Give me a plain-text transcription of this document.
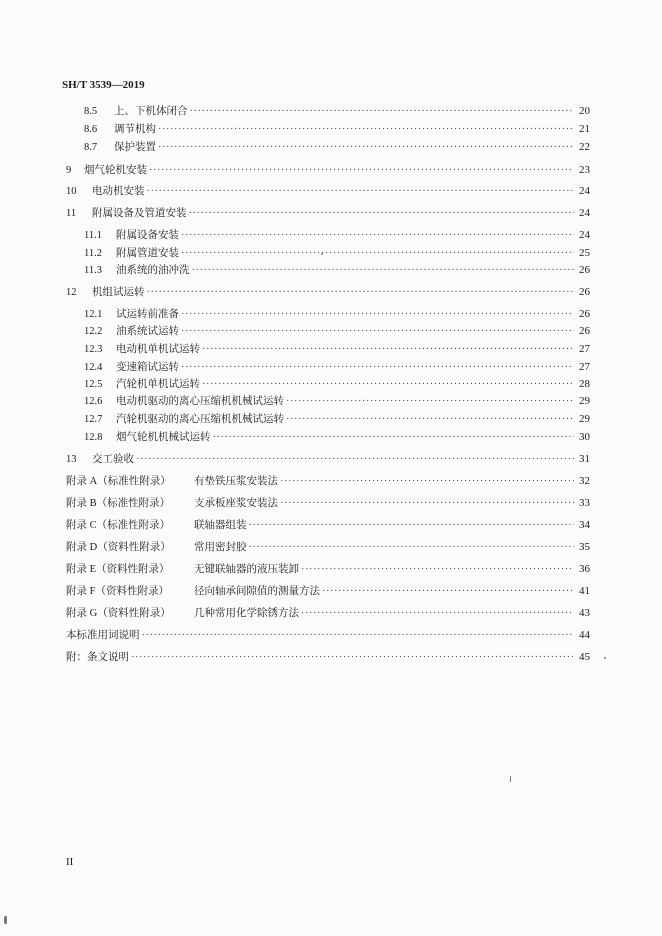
SH/T 3539—2019
8.5	上、下机体闭合 ·····	20
8.6	调节机构 ·····	21
8.7	保护装置 ·····	22
9	烟气轮机安装 ·····	23
10	电动机安装 ·····	24
11	附属设备及管道安装 ·····	24
11.1	附属设备安装 ·····	24
11.2	附属管道安装 ·····	25
11.3	油系统的油冲洗 ·····	26
12	机组试运转 ·····	26
12.1	试运转前准备 ·····	26
12.2	油系统试运转 ·····	26
12.3	电动机单机试运转 ·····	27
12.4	变速箱试运转 ·····	27
12.5	汽轮机单机试运转 ·····	28
12.6	电动机驱动的离心压缩机机械试运转 ·····	29
12.7	汽轮机驱动的离心压缩机机械试运转 ·····	29
12.8	烟气轮机机械试运转 ·····	30
13	交工验收 ·····	31
附录 A（标准性附录）	有垫铁压浆安装法 ·····	32
附录 B（标准性附录）	支承板座浆安装法 ·····	33
附录 C（标准性附录）	联轴器组装 ·····	34
附录 D（资料性附录）	常用密封胶 ·····	35
附录 E（资料性附录）	无键联轴器的液压装卸 ·····	36
附录 F（资料性附录）	径向轴承间隙值的测量方法 ·····	41
附录 G（资料性附录）	几种常用化学除锈方法 ·····	43
本标准用词说明 ·····	44
附：条文说明 ·····	45
II
